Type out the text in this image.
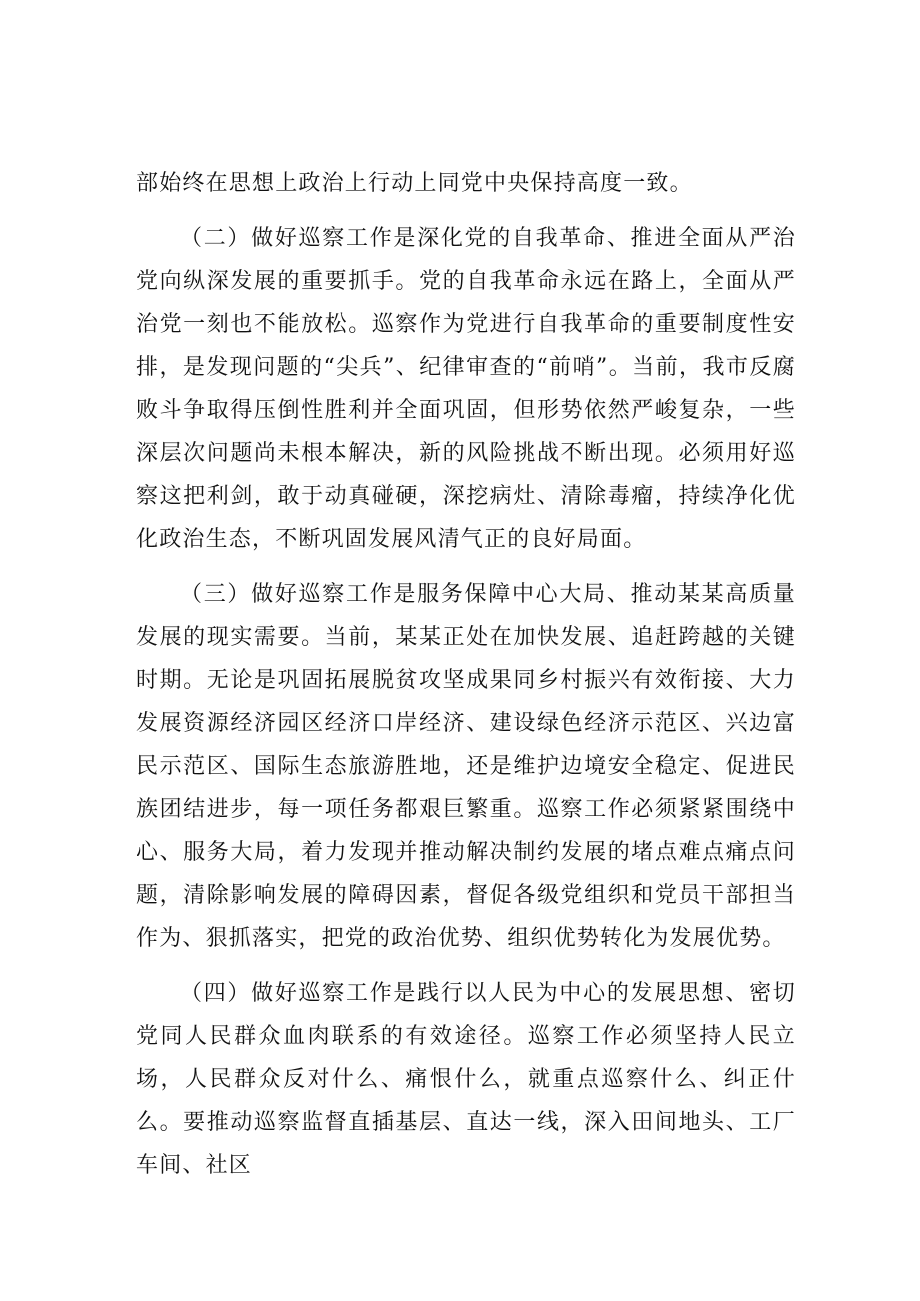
部始终在思想上政治上行动上同党中央保持高度一致。

（二）做好巡察工作是深化党的自我革命、推进全面从严治党向纵深发展的重要抓手。党的自我革命永远在路上，全面从严治党一刻也不能放松。巡察作为党进行自我革命的重要制度性安排，是发现问题的“尖兵”、纪律审查的“前哨”。当前，我市反腐败斗争取得压倒性胜利并全面巩固，但形势依然严峻复杂，一些深层次问题尚未根本解决，新的风险挑战不断出现。必须用好巡察这把利剑，敢于动真碰硬，深挖病灶、清除毒瘤，持续净化优化政治生态，不断巩固发展风清气正的良好局面。

（三）做好巡察工作是服务保障中心大局、推动某某高质量发展的现实需要。当前，某某正处在加快发展、追赶跨越的关键时期。无论是巩固拓展脱贫攻坚成果同乡村振兴有效衔接、大力发展资源经济园区经济口岸经济、建设绿色经济示范区、兴边富民示范区、国际生态旅游胜地，还是维护边境安全稳定、促进民族团结进步，每一项任务都艰巨繁重。巡察工作必须紧紧围绕中心、服务大局，着力发现并推动解决制约发展的堵点难点痛点问题，清除影响发展的障碍因素，督促各级党组织和党员干部担当作为、狠抓落实，把党的政治优势、组织优势转化为发展优势。

（四）做好巡察工作是践行以人民为中心的发展思想、密切党同人民群众血肉联系的有效途径。巡察工作必须坚持人民立场，人民群众反对什么、痛恨什么，就重点巡察什么、纠正什么。要推动巡察监督直插基层、直达一线，深入田间地头、工厂车间、社区
